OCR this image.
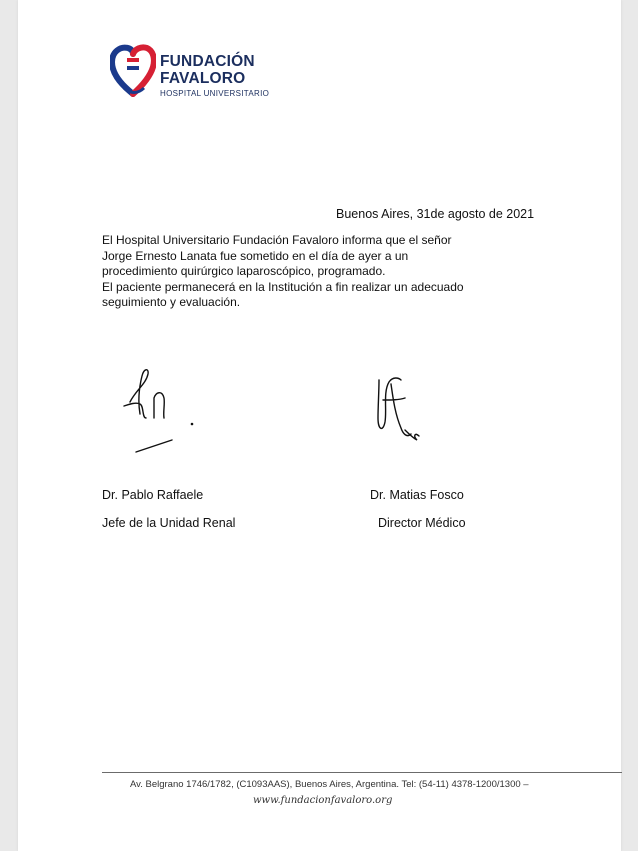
FUNDACIÓN
FAVALORO
HOSPITAL UNIVERSITARIO
Buenos Aires, 31de agosto de 2021

El Hospital Universitario Fundación Favaloro informa que el señor Jorge Ernesto Lanata fue sometido en el día de ayer a un procedimiento quirúrgico laparoscópico, programado.

El paciente permanecerá en la Institución a fin realizar un adecuado seguimiento y evaluación.

Dr. Pablo Raffaele
Jefe de la Unidad Renal
Dr. Matias Fosco
Director Médico
Av. Belgrano 1746/1782, (C1093AAS), Buenos Aires, Argentina. Tel: (54-11) 4378-1200/1300 –
www.fundacionfavaloro.org
